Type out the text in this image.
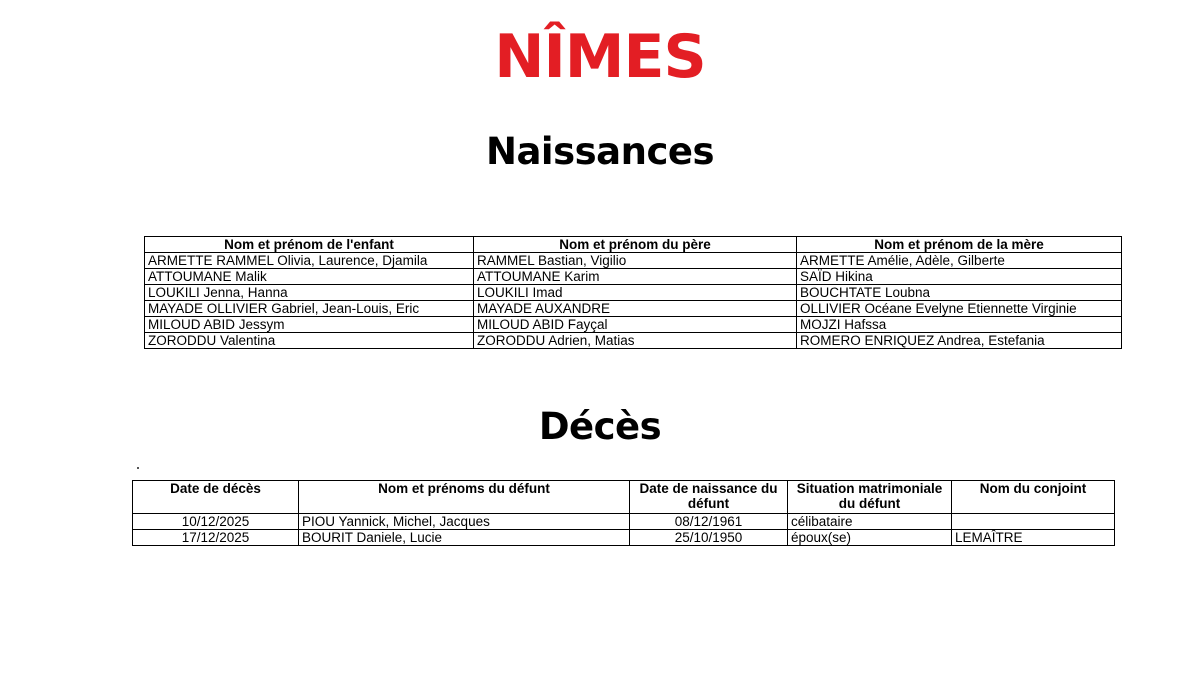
NÎMES
Naissances
Nom et prénom de l'enfant	Nom et prénom du père	Nom et prénom de la mère
ARMETTE RAMMEL Olivia, Laurence, Djamila	RAMMEL Bastian, Vigilio	ARMETTE Amélie, Adèle, Gilberte
ATTOUMANE Malik	ATTOUMANE Karim	SAÏD Hikina
LOUKILI Jenna, Hanna	LOUKILI Imad	BOUCHTATE Loubna
MAYADE OLLIVIER Gabriel, Jean-Louis, Eric	MAYADE AUXANDRE	OLLIVIER Océane Evelyne Etiennette Virginie
MILOUD ABID Jessym	MILOUD ABID Fayçal	MOJZI Hafssa
ZORODDU Valentina	ZORODDU Adrien, Matias	ROMERO ENRIQUEZ Andrea, Estefania
Décès
Date de décès	Nom et prénoms du défunt	Date de naissance du défunt	Situation matrimoniale du défunt	Nom du conjoint
10/12/2025	PIOU Yannick, Michel, Jacques	08/12/1961	célibataire	
17/12/2025	BOURIT Daniele, Lucie	25/10/1950	époux(se)	LEMAÎTRE
